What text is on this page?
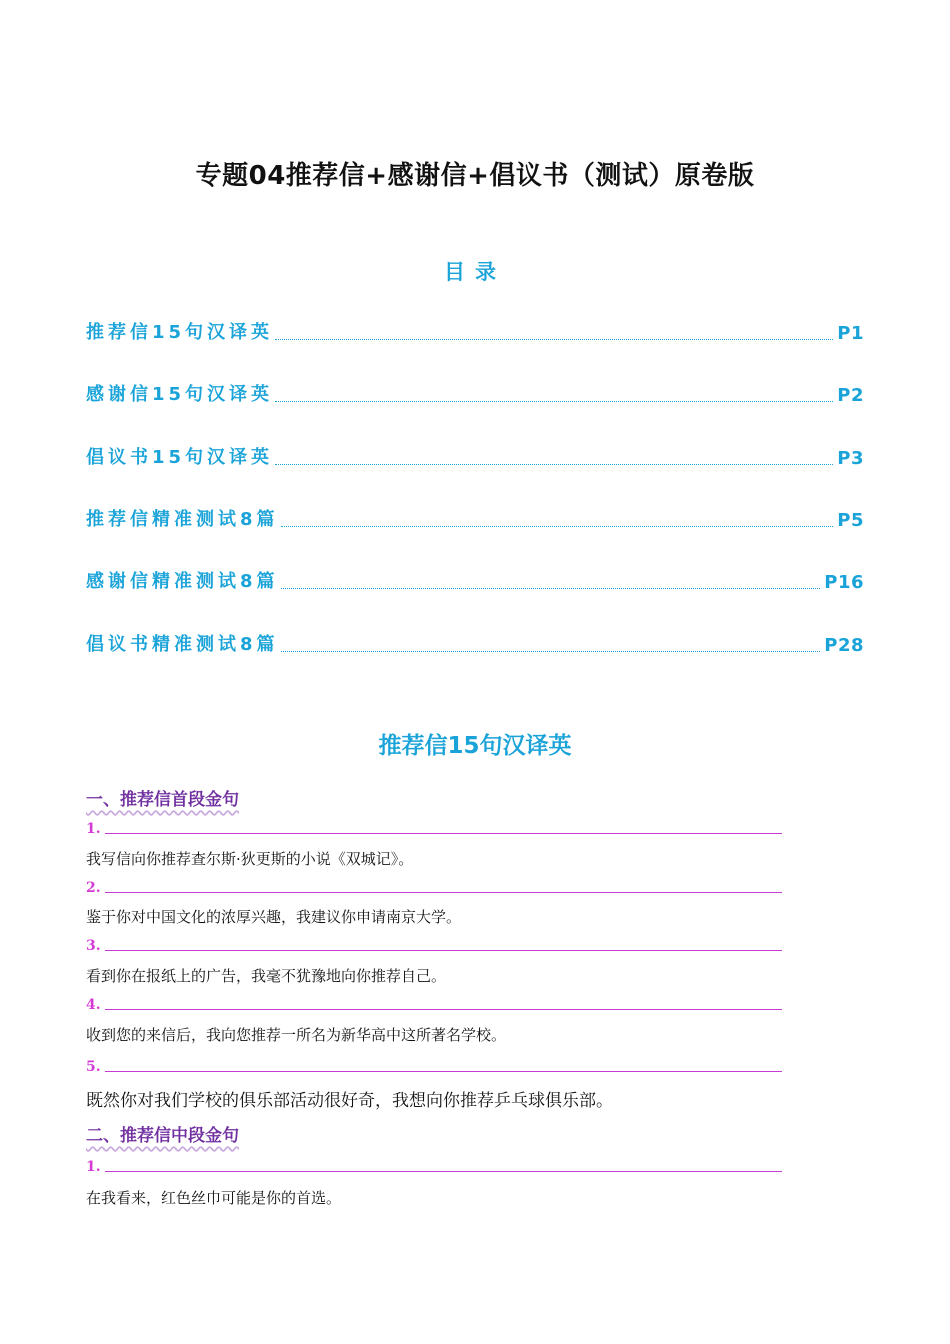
专题04推荐信+感谢信+倡议书（测试）原卷版
目录
推荐信15句汉译英	P1
感谢信15句汉译英	P2
倡议书15句汉译英	P3
推荐信精准测试8篇	P5
感谢信精准测试8篇	P16
倡议书精准测试8篇	P28
推荐信15句汉译英
一、推荐信首段金句
1.
我写信向你推荐查尔斯·狄更斯的小说《双城记》。
2.
鉴于你对中国文化的浓厚兴趣，我建议你申请南京大学。
3.
看到你在报纸上的广告，我毫不犹豫地向你推荐自己。
4.
收到您的来信后，我向您推荐一所名为新华高中这所著名学校。
5.
既然你对我们学校的俱乐部活动很好奇，我想向你推荐乒乓球俱乐部。
二、推荐信中段金句
1.
在我看来，红色丝巾可能是你的首选。
